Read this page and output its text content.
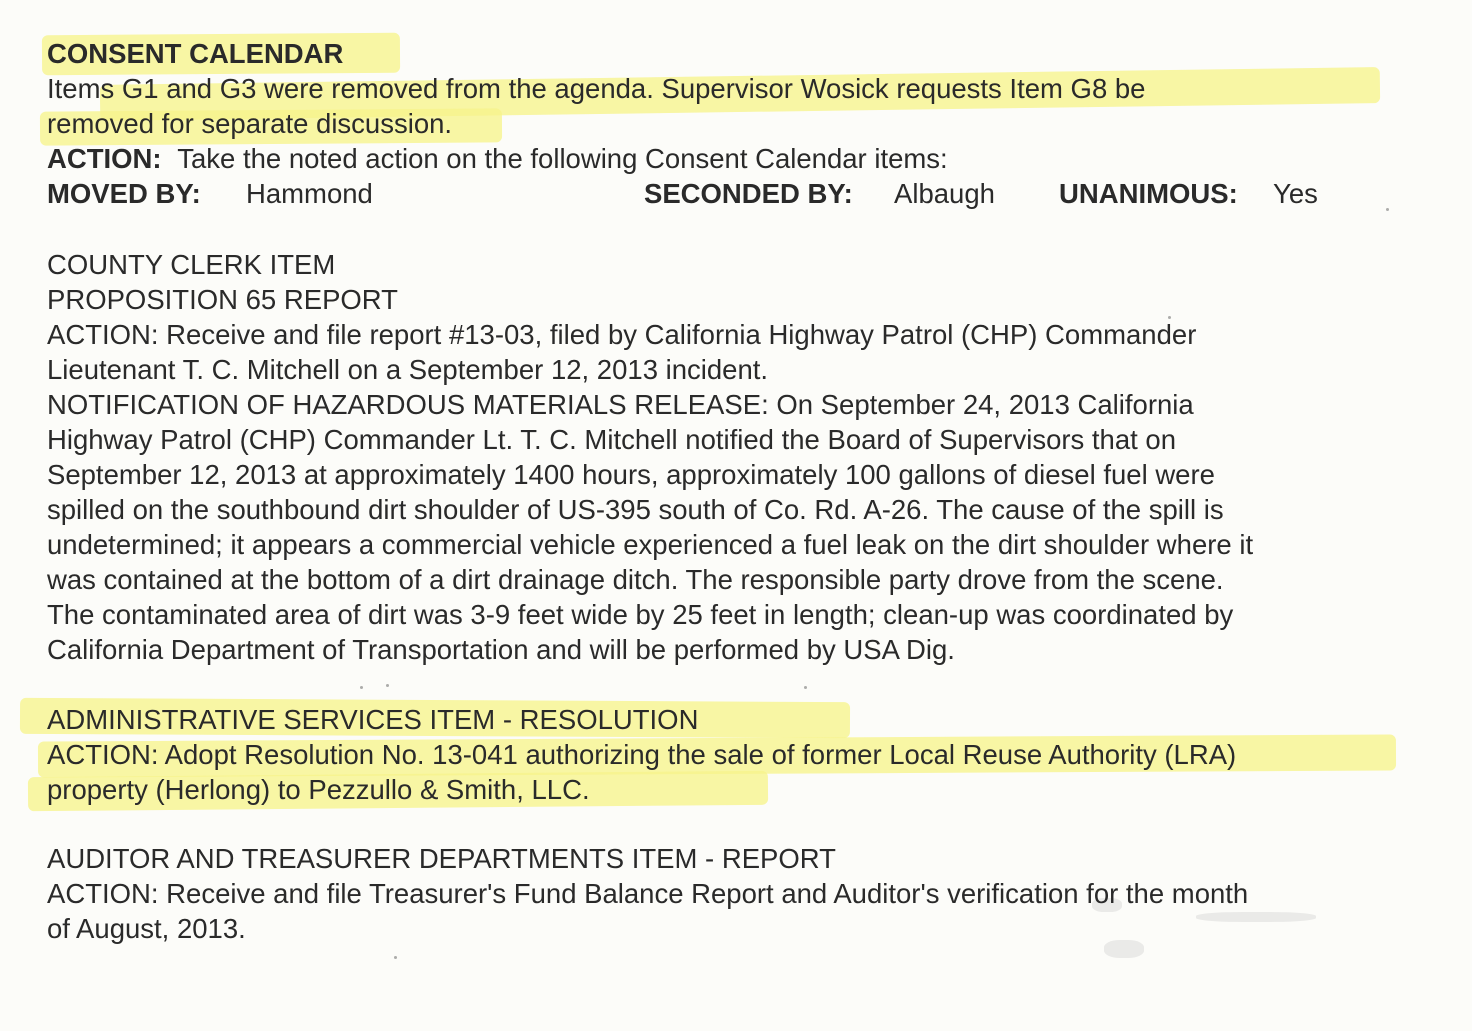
CONSENT CALENDAR
Items G1 and G3 were removed from the agenda. Supervisor Wosick requests Item G8 be
removed for separate discussion.
ACTION: Take the noted action on the following Consent Calendar items:
MOVED BY: Hammond	SECONDED BY: Albaugh UNANIMOUS: Yes
COUNTY CLERK ITEM
PROPOSITION 65 REPORT
ACTION: Receive and file report #13-03, filed by California Highway Patrol (CHP) Commander
Lieutenant T. C. Mitchell on a September 12, 2013 incident.
NOTIFICATION OF HAZARDOUS MATERIALS RELEASE: On September 24, 2013 California
Highway Patrol (CHP) Commander Lt. T. C. Mitchell notified the Board of Supervisors that on
September 12, 2013 at approximately 1400 hours, approximately 100 gallons of diesel fuel were
spilled on the southbound dirt shoulder of US-395 south of Co. Rd. A-26. The cause of the spill is
undetermined; it appears a commercial vehicle experienced a fuel leak on the dirt shoulder where it
was contained at the bottom of a dirt drainage ditch. The responsible party drove from the scene.
The contaminated area of dirt was 3-9 feet wide by 25 feet in length; clean-up was coordinated by
California Department of Transportation and will be performed by USA Dig.
ADMINISTRATIVE SERVICES ITEM - RESOLUTION
ACTION: Adopt Resolution No. 13-041 authorizing the sale of former Local Reuse Authority (LRA)
property (Herlong) to Pezzullo & Smith, LLC.
AUDITOR AND TREASURER DEPARTMENTS ITEM - REPORT
ACTION: Receive and file Treasurer's Fund Balance Report and Auditor's verification for the month
of August, 2013.
